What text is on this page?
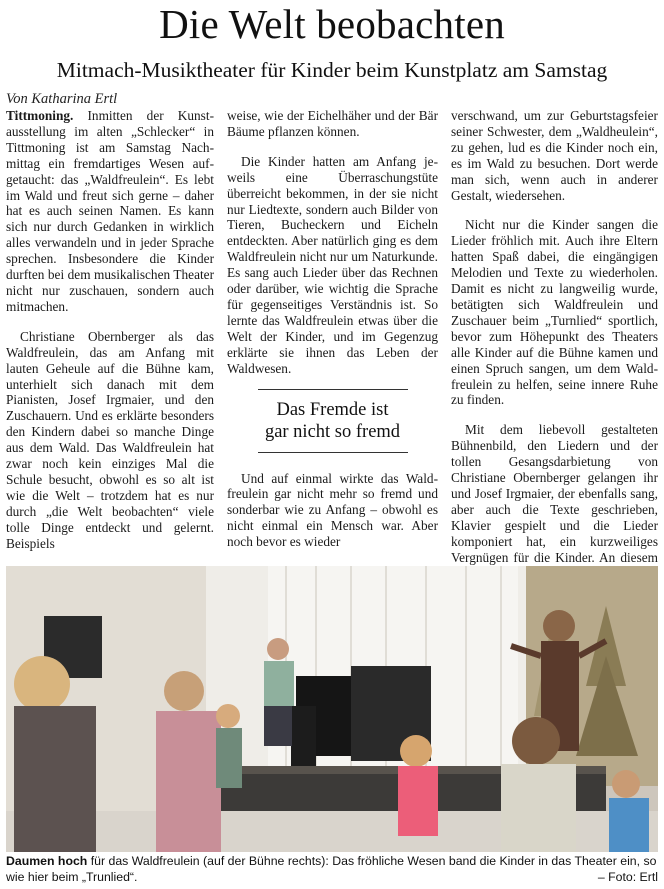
Die Welt beobachten
Mitmach-Musiktheater für Kinder beim Kunstplatz am Samstag
Von Katharina Ertl

Tittmoning. Inmitten der Kunstausstellung im alten „Schlecker“ in Tittmoning ist am Samstag Nachmittag ein fremdartiges Wesen aufgetaucht: das „Waldfreulein“. Es lebt im Wald und freut sich gerne – daher hat es auch seinen Namen. Es kann sich nur durch Gedanken in wirklich alles verwandeln und in jeder Sprache sprechen. Insbesondere die Kinder durften bei dem musikalischen Theater nicht nur zuschauen, sondern auch mitmachen.

Christiane Obernberger als das Waldfreulein, das am Anfang mit lauten Geheule auf die Bühne kam, unterhielt sich danach mit dem Pianisten, Josef Irgmaier, und den Zuschauern. Und es erklärte besonders den Kindern dabei so manche Dinge aus dem Wald. Das Waldfreulein hat zwar noch kein einziges Mal die Schule besucht, obwohl es so alt ist wie die Welt – trotzdem hat es nur durch „die Welt beobachten“ viele tolle Dinge entdeckt und gelernt. Beispiels

weise, wie der Eichelhäher und der Bär Bäume pflanzen können.

Die Kinder hatten am Anfang jeweils eine Überraschungstüte überreicht bekommen, in der sie nicht nur Liedtexte, sondern auch Bilder von Tieren, Bucheckern und Eicheln entdeckten. Aber natürlich ging es dem Waldfreulein nicht nur um Naturkunde. Es sang auch Lieder über das Rechnen oder darüber, wie wichtig die Sprache für gegenseitiges Verständnis ist. So lernte das Waldfreulein etwas über die Welt der Kinder, und im Gegenzug erklärte sie ihnen das Leben der Waldwesen.

Das Fremde ist
gar nicht so fremd

Und auf einmal wirkte das Waldfreulein gar nicht mehr so fremd und sonderbar wie zu Anfang – obwohl es nicht einmal ein Mensch war. Aber noch bevor es wieder

verschwand, um zur Geburtstagsfeier seiner Schwester, dem „Waldheulein“, zu gehen, lud es die Kinder noch ein, es im Wald zu besuchen. Dort werde man sich, wenn auch in anderer Gestalt, wiedersehen.

Nicht nur die Kinder sangen die Lieder fröhlich mit. Auch ihre Eltern hatten Spaß dabei, die eingängigen Melodien und Texte zu wiederholen. Damit es nicht zu langweilig wurde, betätigten sich Waldfreulein und Zuschauer beim „Turnlied“ sportlich, bevor zum Höhepunkt des Theaters alle Kinder auf die Bühne kamen und einen Spruch sangen, um dem Waldfreulein zu helfen, seine innere Ruhe zu finden.

Mit dem liebevoll gestalteten Bühnenbild, den Liedern und der tollen Gesangsdarbietung von Christiane Obernberger gelangen ihr und Josef Irgmaier, der ebenfalls sang, aber auch die Texte geschrieben, Klavier gespielt und die Lieder komponiert hat, ein kurzweiliges Vergnügen für die Kinder. An diesem

Daumen hoch für das Waldfreulein (auf der Bühne rechts): Das fröhliche Wesen band die Kinder in das Theater ein, so wie hier beim „Trunlied“.	– Foto: Ertl
